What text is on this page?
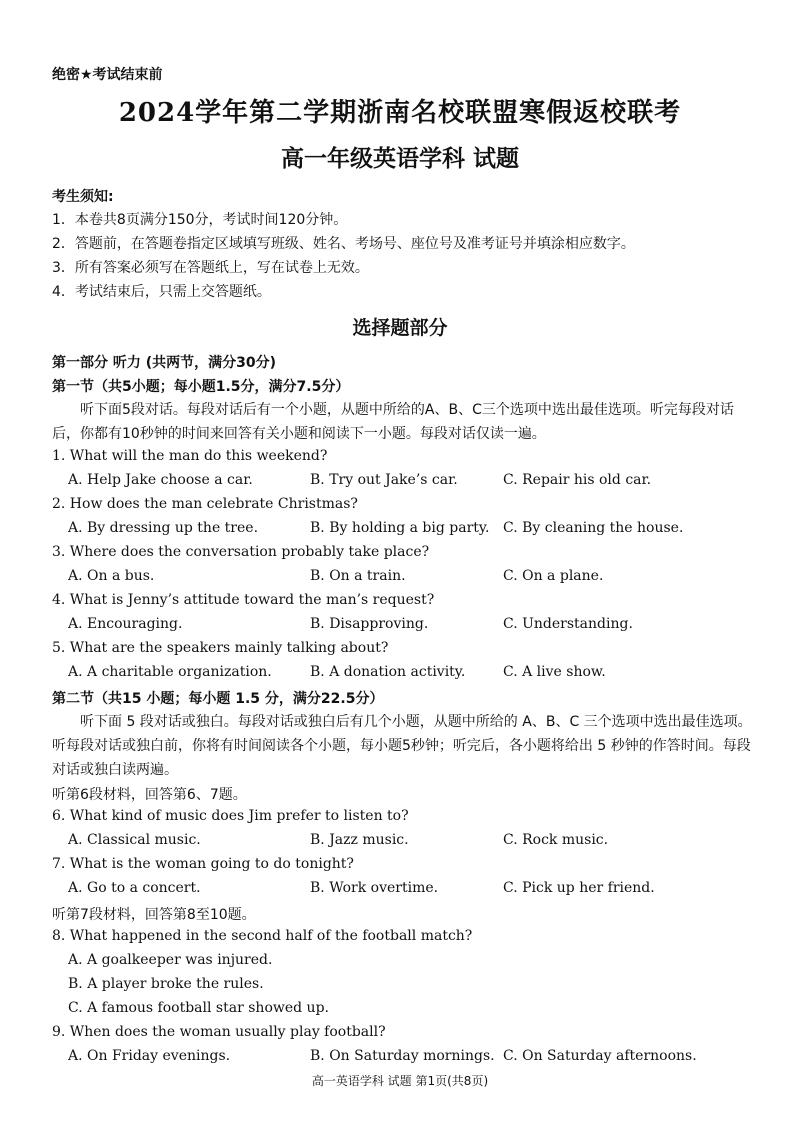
绝密★考试结束前
2024学年第二学期浙南名校联盟寒假返校联考
高一年级英语学科 试题
考生须知:
1．本卷共8页满分150分，考试时间120分钟。
2．答题前，在答题卷指定区域填写班级、姓名、考场号、座位号及准考证号并填涂相应数字。
3．所有答案必须写在答题纸上，写在试卷上无效。
4．考试结束后，只需上交答题纸。
选择题部分
第一部分 听力 (共两节，满分30分)
第一节（共5小题；每小题1.5分，满分7.5分）
听下面5段对话。每段对话后有一个小题，从题中所给的A、B、C三个选项中选出最佳选项。听完每段对话后，你都有10秒钟的时间来回答有关小题和阅读下一小题。每段对话仅读一遍。
1. What will the man do this weekend?
A. Help Jake choose a car.	B. Try out Jake’s car.	C. Repair his old car.
2. How does the man celebrate Christmas?
A. By dressing up the tree.	B. By holding a big party. C. By cleaning the house.
3. Where does the conversation probably take place?
A. On a bus.	B. On a train.	C. On a plane.
4. What is Jenny’s attitude toward the man’s request?
A. Encouraging.	B. Disapproving.	C. Understanding.
5. What are the speakers mainly talking about?
A. A charitable organization.	B. A donation activity.	C. A live show.
第二节（共15 小题；每小题 1.5 分，满分22.5分）
听下面 5 段对话或独白。每段对话或独白后有几个小题，从题中所给的 A、B、C 三个选项中选出最佳选项。听每段对话或独白前，你将有时间阅读各个小题，每小题5秒钟；听完后，各小题将给出 5 秒钟的作答时间。每段对话或独白读两遍。
听第6段材料，回答第6、7题。
6. What kind of music does Jim prefer to listen to?
A. Classical music.	B. Jazz music.	C. Rock music.
7. What is the woman going to do tonight?
A. Go to a concert.	B. Work overtime.	C. Pick up her friend.
听第7段材料，回答第8至10题。
8. What happened in the second half of the football match?
A. A goalkeeper was injured.
B. A player broke the rules.
C. A famous football star showed up.
9. When does the woman usually play football?
A. On Friday evenings.	B. On Saturday mornings. C. On Saturday afternoons.
高一英语学科 试题 第1页(共8页)
